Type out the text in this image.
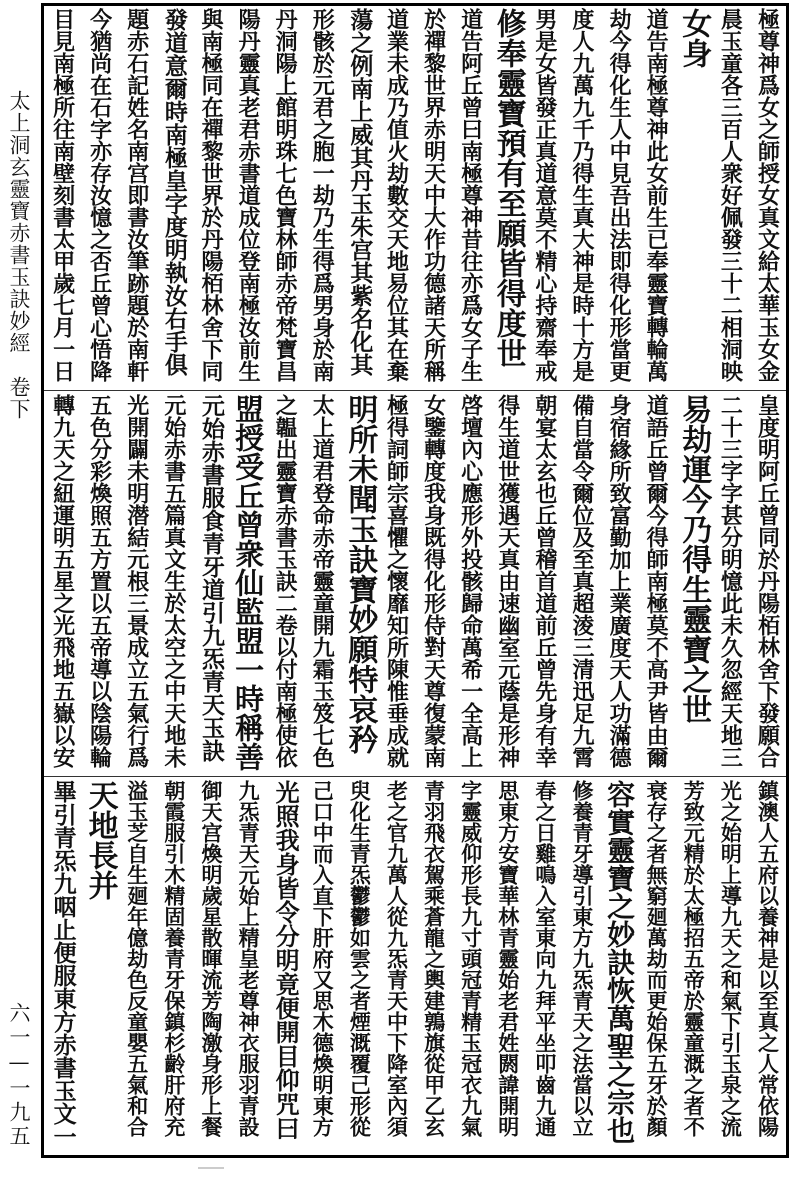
太上洞玄靈寶赤書玉訣妙經　卷下
六一—一九五
極尊神爲女之師授女真文給太華玉女金
晨玉童各三百人衆好佩發三十二相洞映
女身
道告南極尊神此女前生已奉靈寶轉輪萬
劫今得化生人中見吾出法即得化形當更
度人九萬九千乃得生真大神是時十方是
男是女皆發正真道意莫不精心持齋奉戒
修奉靈寶預有至願皆得度世
道告阿丘曾曰南極尊神昔往亦爲女子生
於禪黎世界赤明天中大作功德諸天所稱
道業未成乃值火劫數交天地易位其在棄
蕩之例南上威其丹玉朱宫其紫名化其
形骸於元君之胞一劫乃生得爲男身於南
丹洞陽上館明珠七色寶林師赤帝梵寶昌
陽丹靈真老君赤書道成位登南極汝前生
與南極同在禪黎世界於丹陽栢林舍下同
發道意爾時南極皇字度明執汝右手俱
題赤石記姓名南宫即書汝筆跡題於南軒
今猶尚在石字亦存汝憶之否丘曾心悟降
目見南極所往南壁刻書太甲歲七月一日
皇度明阿丘曾同於丹陽栢林舍下發願合
二十三字字甚分明憶此未久忽經天地三
易劫運今乃得生靈寶之世
道語丘曾爾今得師南極莫不高尹皆由爾
身宿緣所致富勤加上業廣度天人功滿德
備自當令爾位及至真超淩三清迅足九霄
朝宴太玄也丘曾稽首道前丘曾先身有幸
得生道世獲遇天真由速幽室元蔭是形神
啓壇內心應形外投骸歸命萬希一全高上
女鑒轉度我身既得化形侍對天尊復蒙南
極得詞師宗喜懼之懷靡知所陳惟垂成就
明所未聞玉訣寶妙願特哀矜
太上道君登命赤帝靈童開九霜玉笈七色
之韞出靈寶赤書玉訣二卷以付南極使依
盟授受丘曾衆仙監盟一時稱善
元始赤書服食青牙道引九炁青天玉訣
元始赤書五篇真文生於太空之中天地未
光開闢未明潜結元根三景成立五氣行爲
五色分彩煥照五方置以五帝導以陰陽輪
轉九天之紐運明五星之光飛地五嶽以安
鎮澳人五府以養神是以至真之人常依陽
光之始明上導九天之和氣下引玉泉之流
芳致元精於太極招五帝於靈童溉之者不
衰存之者無窮廻萬劫而更始保五牙於顏
容實靈寶之妙訣恢萬聖之宗也
修養青牙導引東方九炁青天之法當以立
春之日雞鳴入室東向九拜平坐叩齒九通
思東方安寶華林青靈始老君姓閼諱開明
字靈威仰形長九寸頭冠青精玉冠衣九氣
青羽飛衣駕乘蒼龍之輿建鶉旗從甲乙玄
老之官九萬人從九炁青天中下降室內須
臾化生青炁鬱鬱如雲之者煙溉覆己形從
己口中而入直下肝府又思木德煥明東方
光照我身皆令分明竟便開目仰咒曰
九炁青天元始上精皇老尊神衣服羽青設
御天宫煥明歲星散暉流芳陶激身形上餐
朝霞服引木精固養青牙保鎮杉齡肝府充
溢玉芝自生廻年億劫色反童嬰五氣和合
天地長并
畢引青炁九咽止便服東方赤書玉文一
